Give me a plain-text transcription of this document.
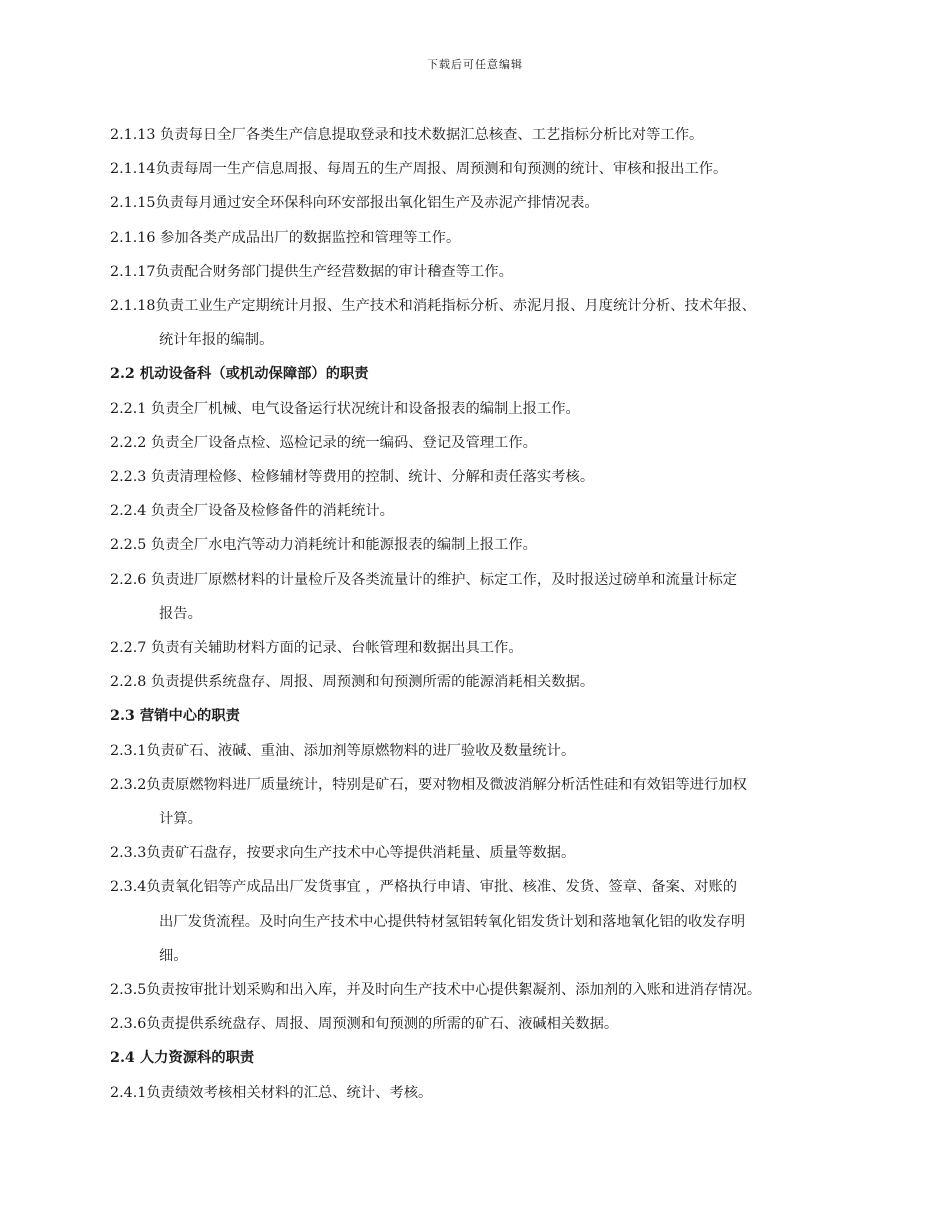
下载后可任意编辑
2.1.13 负责每日全厂各类生产信息提取登录和技术数据汇总核查、工艺指标分析比对等工作。
2.1.14负责每周一生产信息周报、每周五的生产周报、周预测和旬预测的统计、审核和报出工作。
2.1.15负责每月通过安全环保科向环安部报出氧化铝生产及赤泥产排情况表。
2.1.16 参加各类产成品出厂的数据监控和管理等工作。
2.1.17负责配合财务部门提供生产经营数据的审计稽查等工作。
2.1.18负责工业生产定期统计月报、生产技术和消耗指标分析、赤泥月报、月度统计分析、技术年报、
统计年报的编制。
2.2 机动设备科（或机动保障部）的职责
2.2.1 负责全厂机械、电气设备运行状况统计和设备报表的编制上报工作。
2.2.2 负责全厂设备点检、巡检记录的统一编码、登记及管理工作。
2.2.3 负责清理检修、检修辅材等费用的控制、统计、分解和责任落实考核。
2.2.4 负责全厂设备及检修备件的消耗统计。
2.2.5 负责全厂水电汽等动力消耗统计和能源报表的编制上报工作。
2.2.6 负责进厂原燃材料的计量检斤及各类流量计的维护、标定工作，及时报送过磅单和流量计标定
报告。
2.2.7 负责有关辅助材料方面的记录、台帐管理和数据出具工作。
2.2.8 负责提供系统盘存、周报、周预测和旬预测所需的能源消耗相关数据。
2.3 营销中心的职责
2.3.1负责矿石、液碱、重油、添加剂等原燃物料的进厂验收及数量统计。
2.3.2负责原燃物料进厂质量统计，特别是矿石，要对物相及微波消解分析活性硅和有效铝等进行加权
计算。
2.3.3负责矿石盘存，按要求向生产技术中心等提供消耗量、质量等数据。
2.3.4负责氧化铝等产成品出厂发货事宜 ，严格执行申请、审批、核准、发货、签章、备案、对账的
出厂发货流程。及时向生产技术中心提供特材氢铝转氧化铝发货计划和落地氧化铝的收发存明
细。
2.3.5负责按审批计划采购和出入库，并及时向生产技术中心提供絮凝剂、添加剂的入账和进消存情况。
2.3.6负责提供系统盘存、周报、周预测和旬预测的所需的矿石、液碱相关数据。
2.4 人力资源科的职责
2.4.1负责绩效考核相关材料的汇总、统计、考核。
